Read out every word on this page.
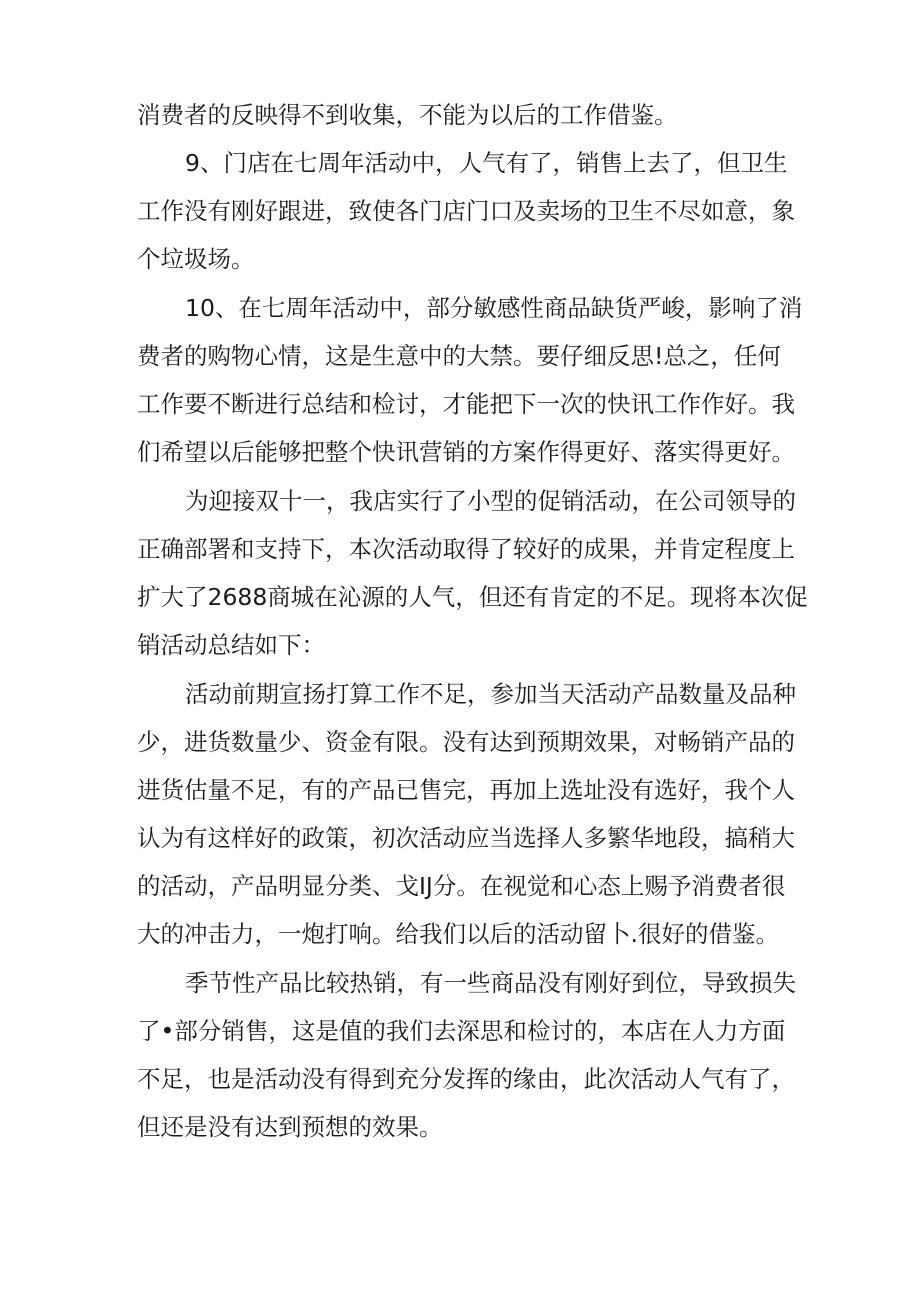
消费者的反映得不到收集，不能为以后的工作借鉴。
9、门店在七周年活动中，人气有了，销售上去了，但卫生
工作没有刚好跟进，致使各门店门口及卖场的卫生不尽如意，象
个垃圾场。
10、在七周年活动中，部分敏感性商品缺货严峻，影响了消
费者的购物心情，这是生意中的大禁。要仔细反思!总之，任何
工作要不断进行总结和检讨，才能把下一次的快讯工作作好。我
们希望以后能够把整个快讯营销的方案作得更好、落实得更好。
为迎接双十一，我店实行了小型的促销活动，在公司领导的
正确部署和支持下，本次活动取得了较好的成果，并肯定程度上
扩大了2688商城在沁源的人气，但还有肯定的不足。现将本次促
销活动总结如下：
活动前期宣扬打算工作不足，参加当天活动产品数量及品种
少，进货数量少、资金有限。没有达到预期效果，对畅销产品的
进货估量不足，有的产品已售完，再加上选址没有选好，我个人
认为有这样好的政策，初次活动应当选择人多繁华地段，搞稍大
的活动，产品明显分类、戈IJ分。在视觉和心态上赐予消费者很
大的冲击力，一炮打响。给我们以后的活动留卜.很好的借鉴。
季节性产品比较热销，有一些商品没有刚好到位，导致损失
了•部分销售，这是值的我们去深思和检讨的，本店在人力方面
不足，也是活动没有得到充分发挥的缘由，此次活动人气有了，
但还是没有达到预想的效果。
